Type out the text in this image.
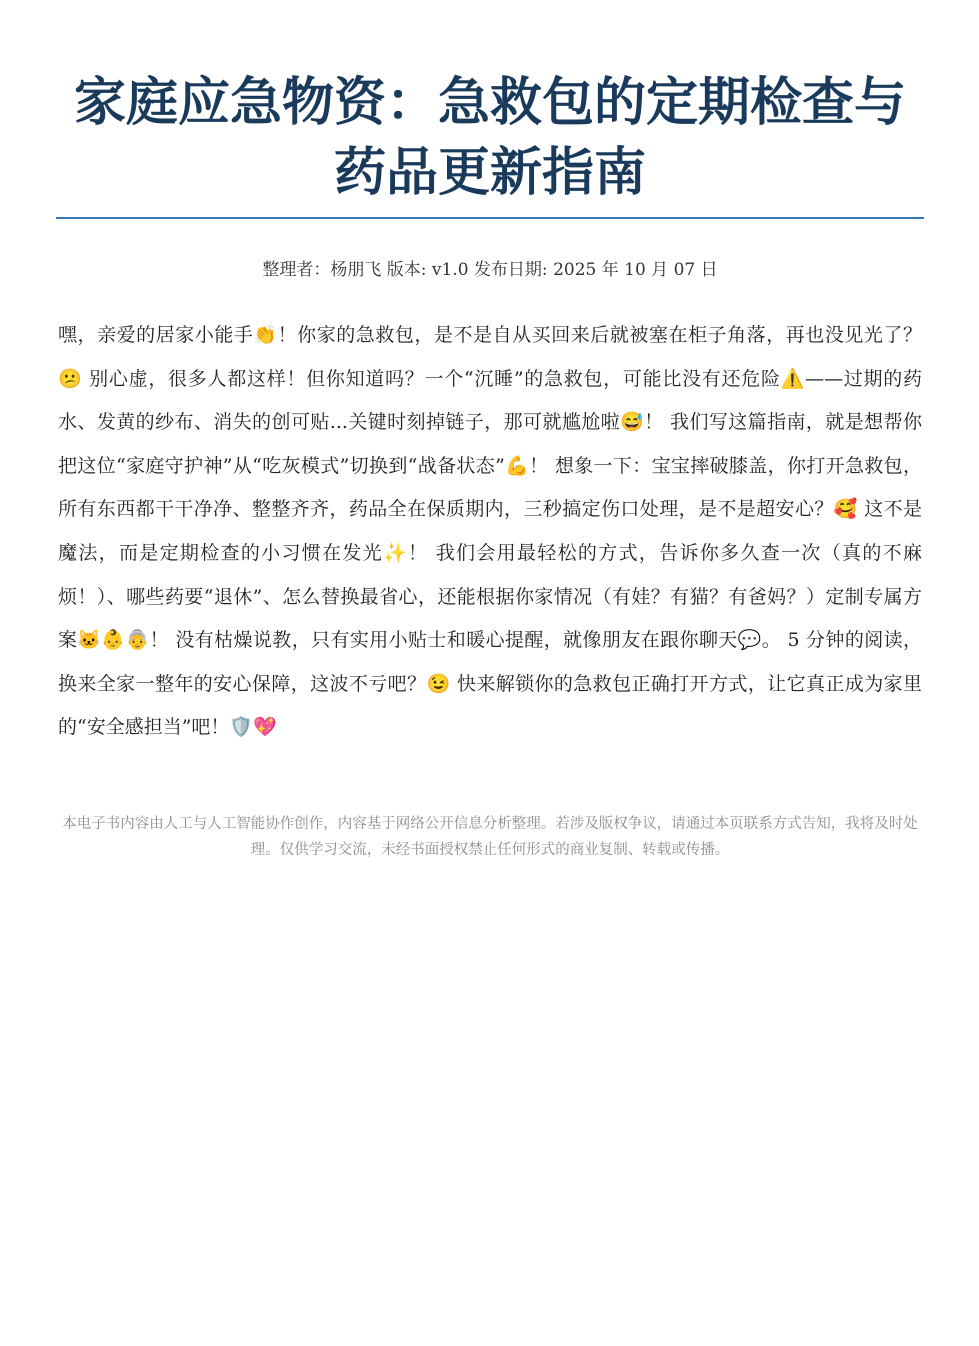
家庭应急物资：急救包的定期检查与药品更新指南
整理者：杨朋飞 版本: v1.0 发布日期: 2025 年 10 月 07 日

嘿，亲爱的居家小能手👏！你家的急救包，是不是自从买回来后就被塞在柜子角落，再也没见光了？😕 别心虚，很多人都这样！但你知道吗？一个“沉睡”的急救包，可能比没有还危险⚠️——过期的药水、发黄的纱布、消失的创可贴...关键时刻掉链子，那可就尴尬啦😅！ 我们写这篇指南，就是想帮你把这位“家庭守护神”从“吃灰模式”切换到“战备状态”💪！ 想象一下：宝宝摔破膝盖，你打开急救包，所有东西都干干净净、整整齐齐，药品全在保质期内，三秒搞定伤口处理，是不是超安心？🥰 这不是魔法，而是定期检查的小习惯在发光✨！ 我们会用最轻松的方式，告诉你多久查一次（真的不麻烦！）、哪些药要“退休”、怎么替换最省心，还能根据你家情况（有娃？有猫？有爸妈？）定制专属方案🐱👶👵！ 没有枯燥说教，只有实用小贴士和暖心提醒，就像朋友在跟你聊天💬。 5 分钟的阅读，换来全家一整年的安心保障，这波不亏吧？😉 快来解锁你的急救包正确打开方式，让它真正成为家里的“安全感担当”吧！🛡️💖

本电子书内容由人工与人工智能协作创作，内容基于网络公开信息分析整理。若涉及版权争议，请通过本页联系方式告知，我将及时处理。仅供学习交流，未经书面授权禁止任何形式的商业复制、转载或传播。
